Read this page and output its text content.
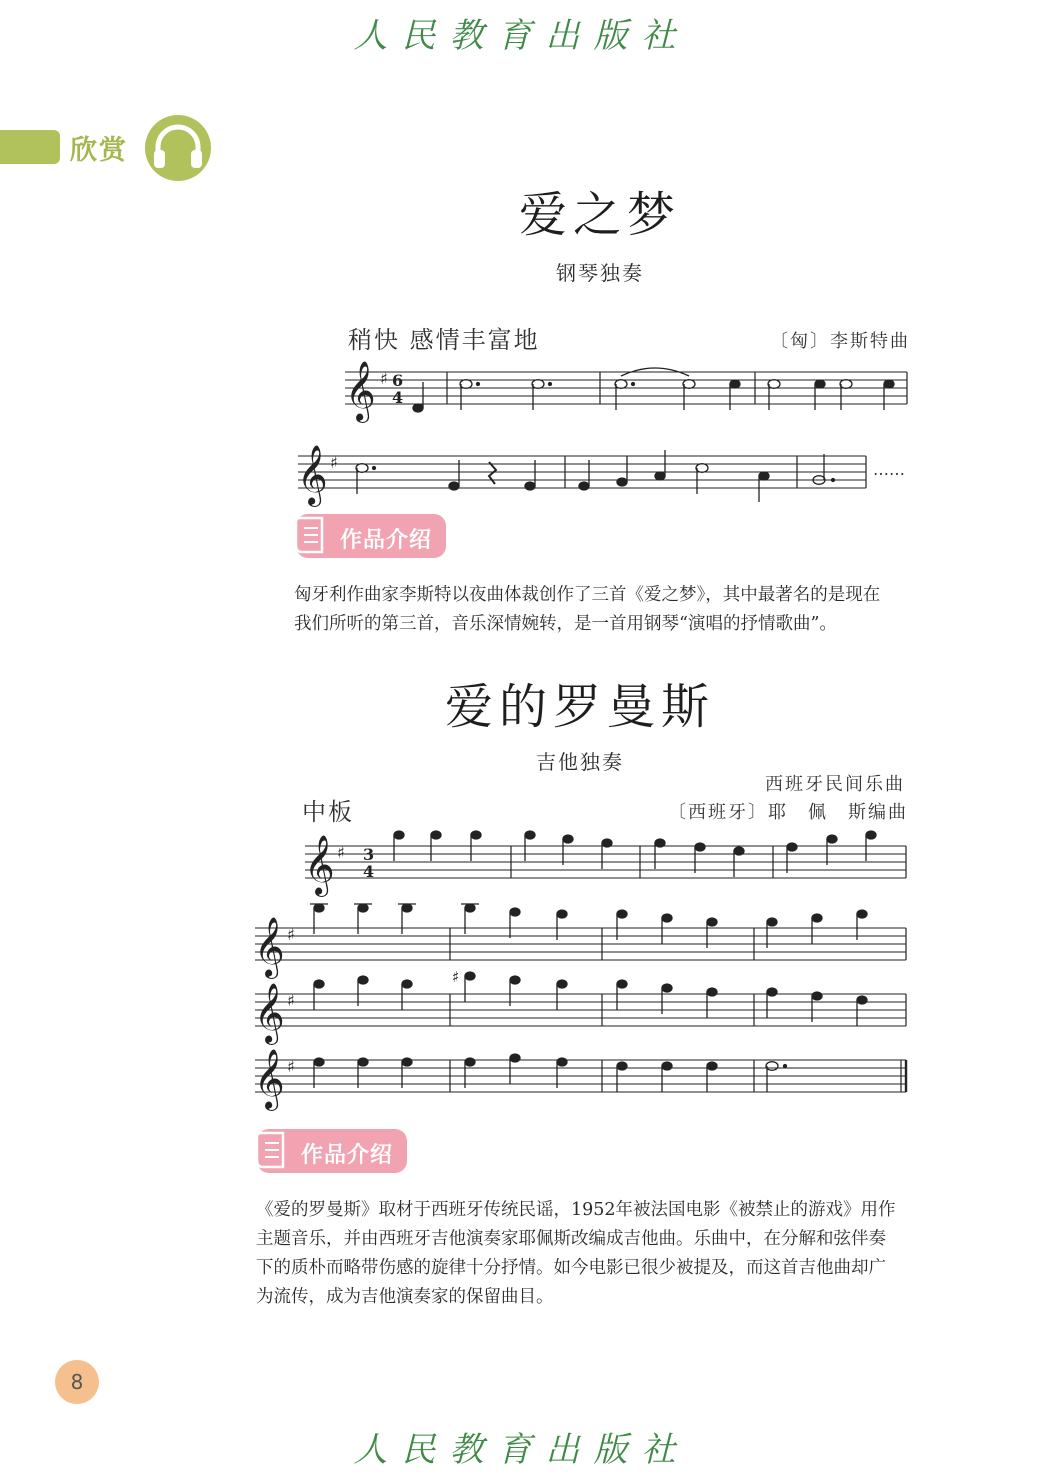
人民教育出版社
欣赏
爱之梦
钢琴独奏
稍快 感情丰富地	〔匈〕李斯特曲
𝄞 ♯ 6
4
𝄞 ♯	……
作品介绍
匈牙利作曲家李斯特以夜曲体裁创作了三首《爱之梦》，其中最著名的是现在
我们所听的第三首，音乐深情婉转，是一首用钢琴“演唱的抒情歌曲”。
爱的罗曼斯
吉他独奏
西班牙民间乐曲
中板	〔西班牙〕耶　佩　斯编曲
𝄞 ♯ 3
4
𝄞 ♯
𝄞 ♯
♯
𝄞 ♯
作品介绍
《爱的罗曼斯》取材于西班牙传统民谣，1952年被法国电影《被禁止的游戏》用作
主题音乐，并由西班牙吉他演奏家耶佩斯改编成吉他曲。乐曲中，在分解和弦伴奏
下的质朴而略带伤感的旋律十分抒情。如今电影已很少被提及，而这首吉他曲却广
为流传，成为吉他演奏家的保留曲目。
8
人民教育出版社
